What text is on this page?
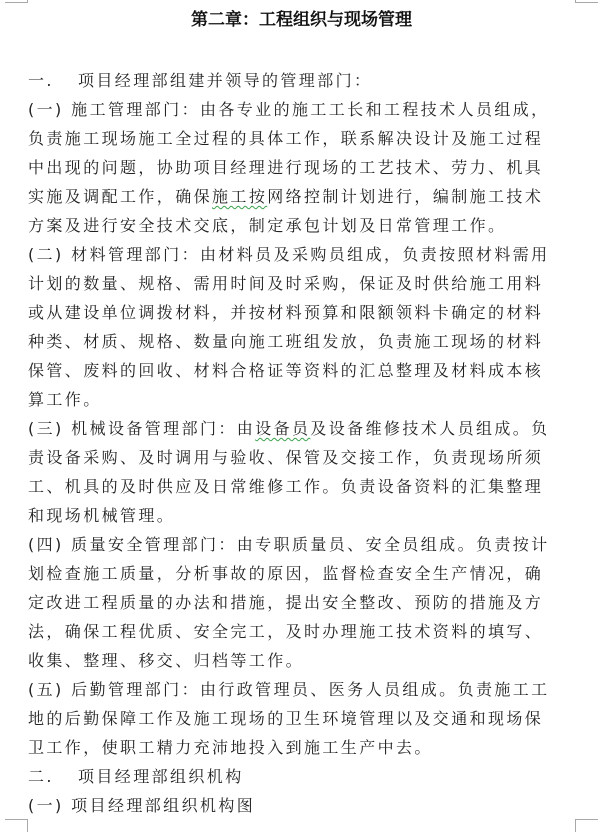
第二章：工程组织与现场管理
一. 项目经理部组建并领导的管理部门：
(一) 施工管理部门：由各专业的施工工长和工程技术人员组成，
负责施工现场施工全过程的具体工作，联系解决设计及施工过程
中出现的问题，协助项目经理进行现场的工艺技术、劳力、机具
实施及调配工作，确保施工按网络控制计划进行，编制施工技术
方案及进行安全技术交底，制定承包计划及日常管理工作。
(二) 材料管理部门：由材料员及采购员组成，负责按照材料需用
计划的数量、规格、需用时间及时采购，保证及时供给施工用料
或从建设单位调拨材料，并按材料预算和限额领料卡确定的材料
种类、材质、规格、数量向施工班组发放，负责施工现场的材料
保管、废料的回收、材料合格证等资料的汇总整理及材料成本核
算工作。
(三) 机械设备管理部门：由设备员及设备维修技术人员组成。负
责设备采购、及时调用与验收、保管及交接工作，负责现场所须
工、机具的及时供应及日常维修工作。负责设备资料的汇集整理
和现场机械管理。
(四) 质量安全管理部门：由专职质量员、安全员组成。负责按计
划检查施工质量，分析事故的原因，监督检查安全生产情况，确
定改进工程质量的办法和措施，提出安全整改、预防的措施及方
法，确保工程优质、安全完工，及时办理施工技术资料的填写、
收集、整理、移交、归档等工作。
(五) 后勤管理部门：由行政管理员、医务人员组成。负责施工工
地的后勤保障工作及施工现场的卫生环境管理以及交通和现场保
卫工作，使职工精力充沛地投入到施工生产中去。
二. 项目经理部组织机构
(一) 项目经理部组织机构图
